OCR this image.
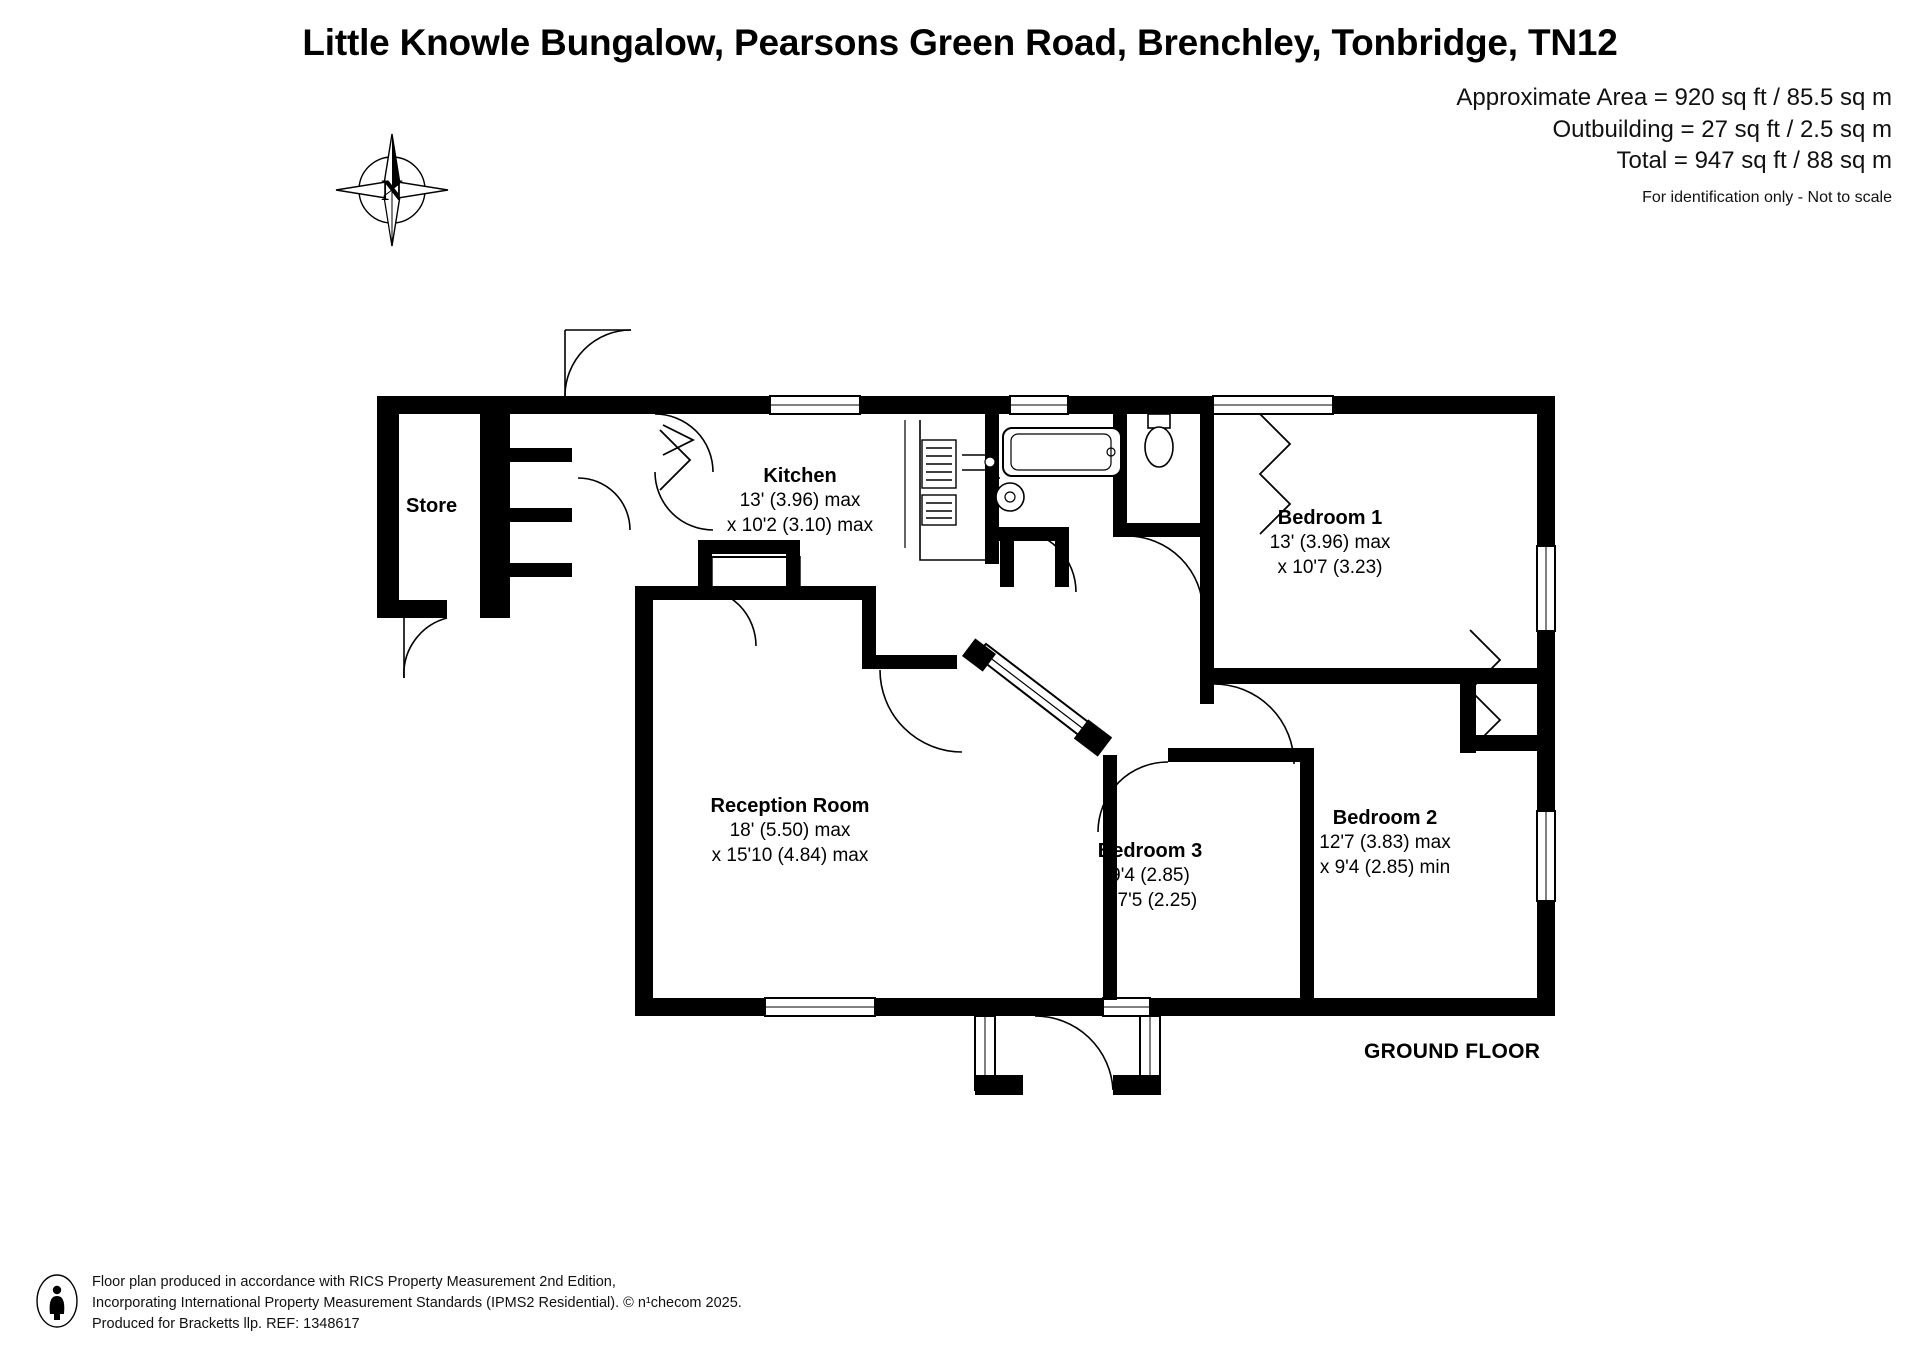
Little Knowle Bungalow, Pearsons Green Road, Brenchley, Tonbridge, TN12
Approximate Area = 920 sq ft / 85.5 sq m
Outbuilding = 27 sq ft / 2.5 sq m
Total = 947 sq ft / 88 sq m
For identification only - Not to scale
N
Store
Kitchen
13' (3.96) max
x 10'2 (3.10) max	Bedroom 1
13' (3.96) max
x 10'7 (3.23)
Reception Room
18' (5.50) max
x 15'10 (4.84) max	Bedroom 3
9'4 (2.85)
x 7'5 (2.25)
Bedroom 2
12'7 (3.83) max
x 9'4 (2.85) min
GROUND FLOOR
Floor plan produced in accordance with RICS Property Measurement 2nd Edition,
Incorporating International Property Measurement Standards (IPMS2 Residential). © n¹checom 2025.
Produced for Bracketts llp. REF: 1348617
